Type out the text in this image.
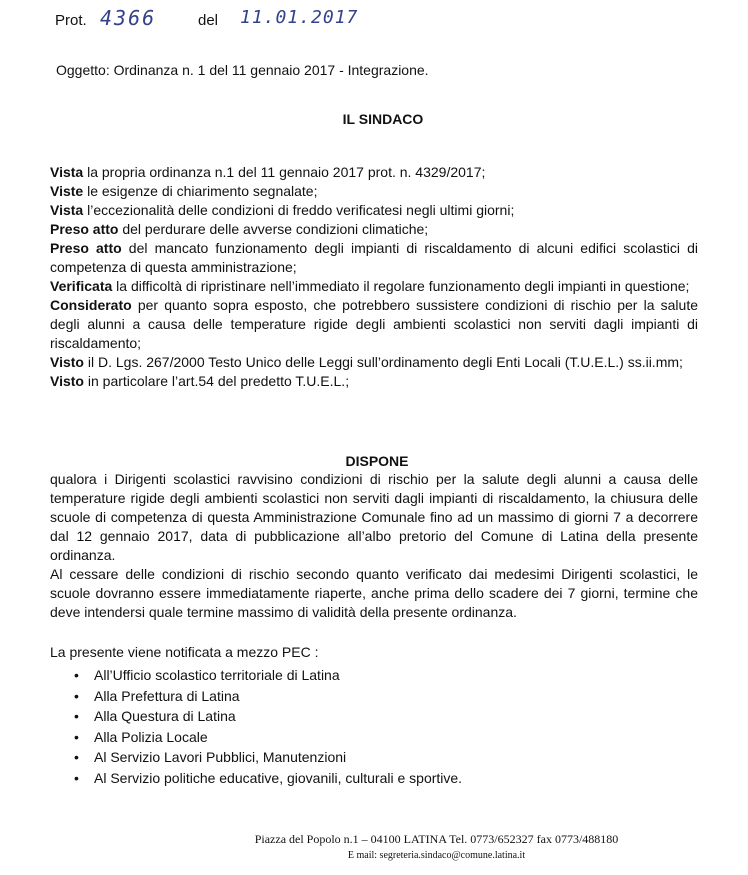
Prot. 4366	del 11.01.2017
Oggetto: Ordinanza n. 1 del 11 gennaio 2017 - Integrazione.
IL SINDACO

Vista la propria ordinanza n.1 del 11 gennaio 2017 prot. n. 4329/2017;

Viste le esigenze di chiarimento segnalate;

Vista l’eccezionalità delle condizioni di freddo verificatesi negli ultimi giorni;

Preso atto del perdurare delle avverse condizioni climatiche;

Preso atto del mancato funzionamento degli impianti di riscaldamento di alcuni edifici scolastici di competenza di questa amministrazione;

Verificata la difficoltà di ripristinare nell’immediato il regolare funzionamento degli impianti in questione;

Considerato per quanto sopra esposto, che potrebbero sussistere condizioni di rischio per la salute degli alunni a causa delle temperature rigide degli ambienti scolastici non serviti dagli impianti di riscaldamento;

Visto il D. Lgs. 267/2000 Testo Unico delle Leggi sull’ordinamento degli Enti Locali (T.U.E.L.) ss.ii.mm;

Visto in particolare l’art.54 del predetto T.U.E.L.;

DISPONE

qualora i Dirigenti scolastici ravvisino condizioni di rischio per la salute degli alunni a causa delle temperature rigide degli ambienti scolastici non serviti dagli impianti di riscaldamento, la chiusura delle scuole di competenza di questa Amministrazione Comunale fino ad un massimo di giorni 7 a decorrere dal 12 gennaio 2017, data di pubblicazione all’albo pretorio del Comune di Latina della presente ordinanza.

Al cessare delle condizioni di rischio secondo quanto verificato dai medesimi Dirigenti scolastici, le scuole dovranno essere immediatamente riaperte, anche prima dello scadere dei 7 giorni, termine che deve intendersi quale termine massimo di validità della presente ordinanza.

La presente viene notificata a mezzo PEC :
• All’Ufficio scolastico territoriale di Latina
• Alla Prefettura di Latina
• Alla Questura di Latina
• Alla Polizia Locale
• Al Servizio Lavori Pubblici, Manutenzioni
• Al Servizio politiche educative, giovanili, culturali e sportive.
Piazza del Popolo n.1 – 04100 LATINA Tel. 0773/652327 fax 0773/488180
E mail: segreteria.sindaco@comune.latina.it
